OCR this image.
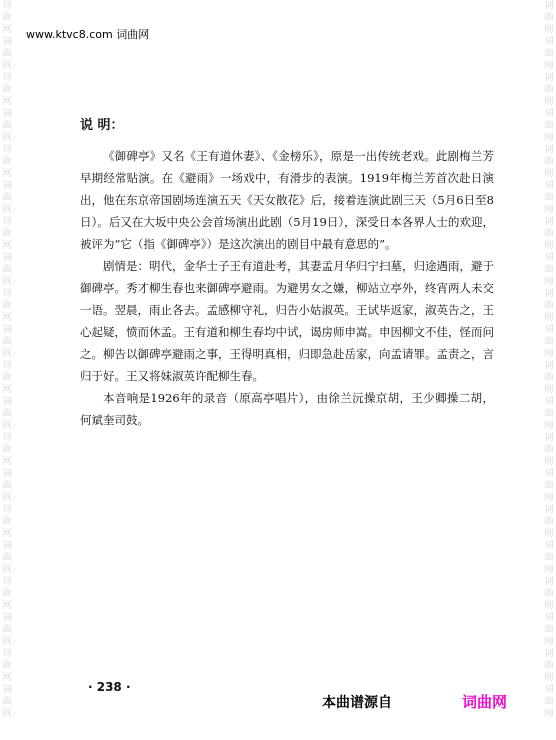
词曲网 词曲网 词曲网 词曲网 词曲网 词曲网 词曲网 词曲网 词曲网 词曲网 词曲网 词曲网 词曲网 词曲网 词曲网 词曲网 词曲网 词曲网 词曲网 词曲网
词曲网 词曲网 词曲网 词曲网 词曲网 词曲网 词曲网 词曲网 词曲网 词曲网 词曲网 词曲网 词曲网 词曲网 词曲网 词曲网 词曲网 词曲网 词曲网 词曲网
www.ktvc8.com 词曲网
说 明：

《御碑亭》又名《王有道休妻》、《金榜乐》，原是一出传统老戏。此剧梅兰芳早期经常贴演。在《避雨》一场戏中，有滑步的表演。1919年梅兰芳首次赴日演出，他在东京帝国剧场连演五天《天女散花》后，接着连演此剧三天（5月6日至8日）。后又在大坂中央公会首场演出此剧（5月19日），深受日本各界人士的欢迎，被评为“它（指《御碑亭》）是这次演出的剧目中最有意思的”。

剧情是：明代，金华士子王有道赴考，其妻孟月华归宁扫墓，归途遇雨，避于御碑亭。秀才柳生春也来御碑亭避雨。为避男女之嫌，柳站立亭外，终宵两人未交一语。翌晨，雨止各去。孟感柳守礼，归告小姑淑英。王试毕返家，淑英告之，王心起疑，愤而休孟。王有道和柳生春均中试，谒房师申嵩。申因柳文不佳，怪而问之。柳告以御碑亭避雨之事，王得明真相，归即急赴岳家，向孟请罪。孟责之，言归于好。王又将妹淑英许配柳生春。

本音响是1926年的录音（原高亭唱片），由徐兰沅操京胡，王少卿操二胡，何斌奎司鼓。

· 238 ·
本曲谱源自	词曲网
